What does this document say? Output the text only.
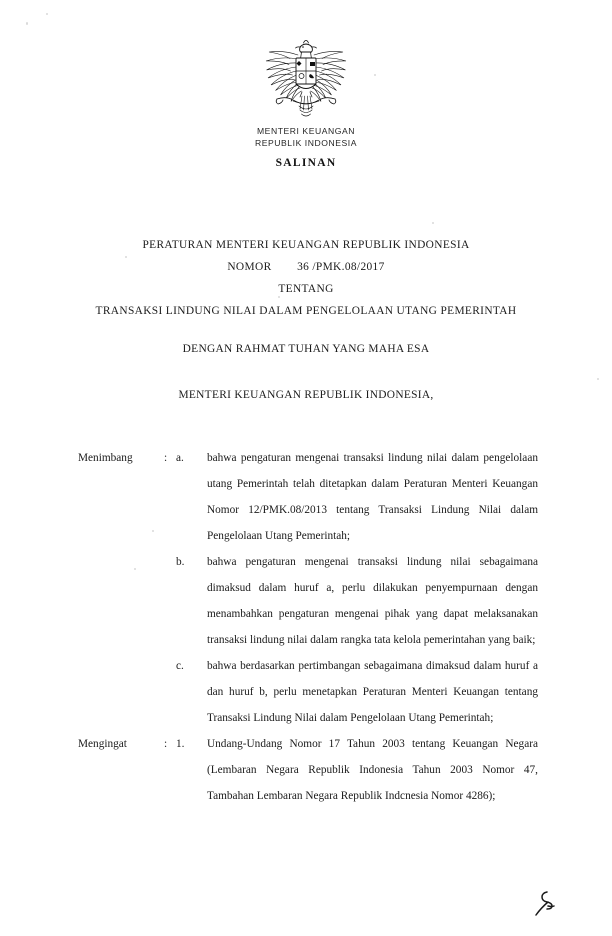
MENTERI KEUANGAN
REPUBLIK INDONESIA
SALINAN
PERATURAN MENTERI KEUANGAN REPUBLIK INDONESIA
NOMOR        36 /PMK.08/2017
TENTANG
TRANSAKSI LINDUNG NILAI DALAM PENGELOLAAN UTANG PEMERINTAH
DENGAN RAHMAT TUHAN YANG MAHA ESA
MENTERI KEUANGAN REPUBLIK INDONESIA,
Menimbang	: a.	bahwa pengaturan mengenai transaksi lindung nilai dalam pengelolaan utang Pemerintah telah ditetapkan dalam Peraturan Menteri Keuangan Nomor 12/PMK.08/2013 tentang Transaksi Lindung Nilai dalam Pengelolaan Utang Pemerintah;
b.	bahwa pengaturan mengenai transaksi lindung nilai sebagaimana dimaksud dalam huruf a, perlu dilakukan penyempurnaan dengan menambahkan pengaturan mengenai pihak yang dapat melaksanakan transaksi lindung nilai dalam rangka tata kelola pemerintahan yang baik;
c.	bahwa berdasarkan pertimbangan sebagaimana dimaksud dalam huruf a dan huruf b, perlu menetapkan Peraturan Menteri Keuangan tentang Transaksi Lindung Nilai dalam Pengelolaan Utang Pemerintah;
Mengingat	: 1.	Undang-Undang Nomor 17 Tahun 2003 tentang Keuangan Negara (Lembaran Negara Republik Indonesia Tahun 2003 Nomor 47, Tambahan Lembaran Negara Republik Indcnesia Nomor 4286);
